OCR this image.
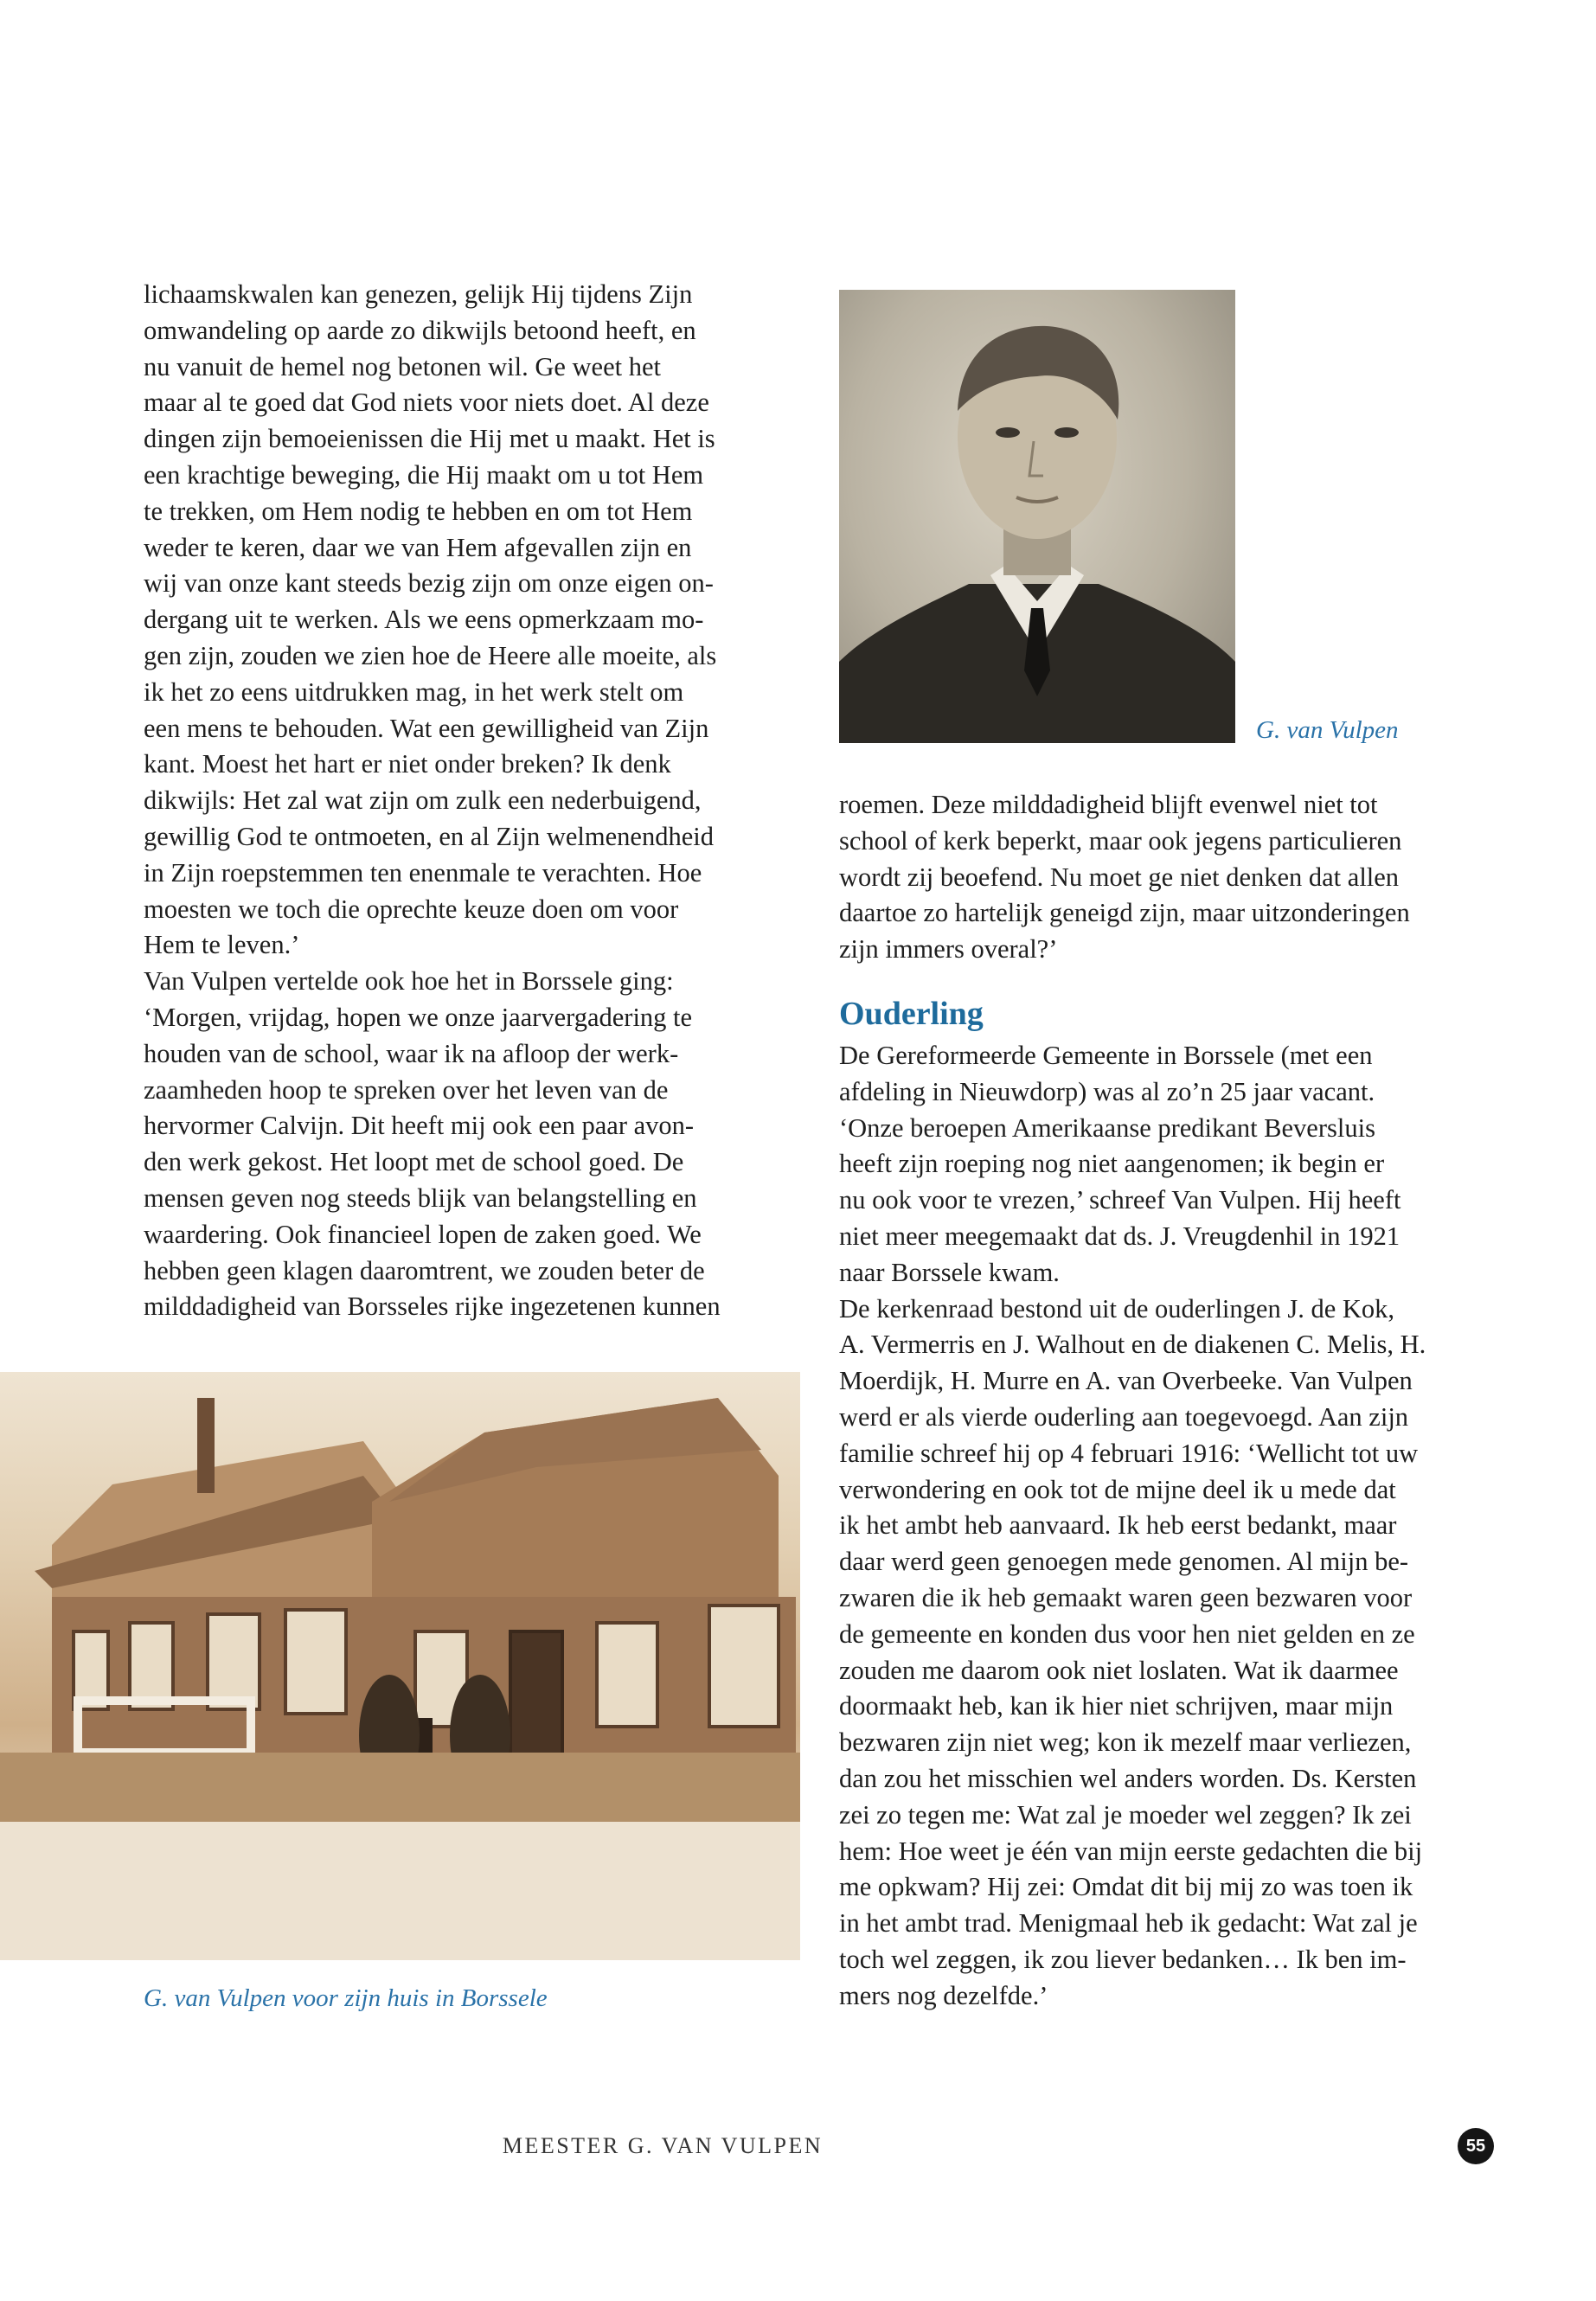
lichaamskwalen kan genezen, gelijk Hij tijdens Zijn

omwandeling op aarde zo dikwijls betoond heeft, en

nu vanuit de hemel nog betonen wil. Ge weet het

maar al te goed dat God niets voor niets doet. Al deze

dingen zijn bemoeienissen die Hij met u maakt. Het is

een krachtige beweging, die Hij maakt om u tot Hem

te trekken, om Hem nodig te hebben en om tot Hem

weder te keren, daar we van Hem afgevallen zijn en

wij van onze kant steeds bezig zijn om onze eigen on-

dergang uit te werken. Als we eens opmerkzaam mo-

gen zijn, zouden we zien hoe de Heere alle moeite, als

ik het zo eens uitdrukken mag, in het werk stelt om

een mens te behouden. Wat een gewilligheid van Zijn

kant. Moest het hart er niet onder breken? Ik denk

dikwijls: Het zal wat zijn om zulk een nederbuigend,

gewillig God te ontmoeten, en al Zijn welmenendheid

in Zijn roepstemmen ten enenmale te verachten. Hoe

moesten we toch die oprechte keuze doen om voor

Hem te leven.’

Van Vulpen vertelde ook hoe het in Borssele ging:

‘Morgen, vrijdag, hopen we onze jaarvergadering te

houden van de school, waar ik na afloop der werk-

zaamheden hoop te spreken over het leven van de

hervormer Calvijn. Dit heeft mij ook een paar avon-

den werk gekost. Het loopt met de school goed. De

mensen geven nog steeds blijk van belangstelling en

waardering. Ook financieel lopen de zaken goed. We

hebben geen klagen daaromtrent, we zouden beter de

milddadigheid van Borsseles rijke ingezetenen kunnen

G. van Vulpen

roemen. Deze milddadigheid blijft evenwel niet tot

school of kerk beperkt, maar ook jegens particulieren

wordt zij beoefend. Nu moet ge niet denken dat allen

daartoe zo hartelijk geneigd zijn, maar uitzonderingen

zijn immers overal?’

Ouderling

De Gereformeerde Gemeente in Borssele (met een

afdeling in Nieuwdorp) was al zo’n 25 jaar vacant.

‘Onze beroepen Amerikaanse predikant Beversluis

heeft zijn roeping nog niet aangenomen; ik begin er

nu ook voor te vrezen,’ schreef Van Vulpen. Hij heeft

niet meer meegemaakt dat ds. J. Vreugdenhil in 1921

naar Borssele kwam.

De kerkenraad bestond uit de ouderlingen J. de Kok,

A. Vermerris en J. Walhout en de diakenen C. Melis, H.

Moerdijk, H. Murre en A. van Overbeeke. Van Vulpen

werd er als vierde ouderling aan toegevoegd. Aan zijn

familie schreef hij op 4 februari 1916: ‘Wellicht tot uw

verwondering en ook tot de mijne deel ik u mede dat

ik het ambt heb aanvaard. Ik heb eerst bedankt, maar

daar werd geen genoegen mede genomen. Al mijn be-

zwaren die ik heb gemaakt waren geen bezwaren voor

de gemeente en konden dus voor hen niet gelden en ze

zouden me daarom ook niet loslaten. Wat ik daarmee

doormaakt heb, kan ik hier niet schrijven, maar mijn

bezwaren zijn niet weg; kon ik mezelf maar verliezen,

dan zou het misschien wel anders worden. Ds. Kersten

zei zo tegen me: Wat zal je moeder wel zeggen? Ik zei

hem: Hoe weet je één van mijn eerste gedachten die bij

me opkwam? Hij zei: Omdat dit bij mij zo was toen ik

in het ambt trad. Menigmaal heb ik gedacht: Wat zal je

toch wel zeggen, ik zou liever bedanken… Ik ben im-

mers nog dezelfde.’

G. van Vulpen voor zijn huis in Borssele

MEESTER G. VAN VULPEN	55
